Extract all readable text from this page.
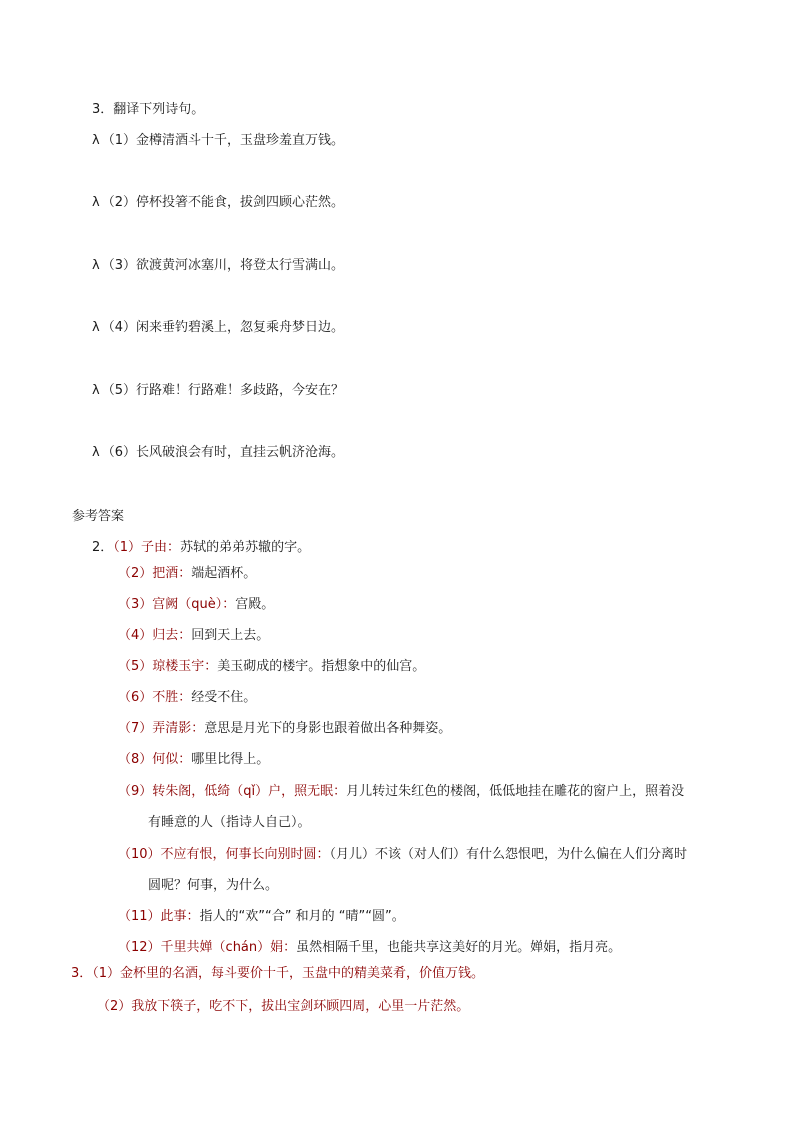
3．翻译下列诗句。
λ （1）金樽清酒斗十千，玉盘珍羞直万钱。
λ （2）停杯投箸不能食，拔剑四顾心茫然。
λ （3）欲渡黄河冰塞川，将登太行雪满山。
λ （4）闲来垂钓碧溪上，忽复乘舟梦日边。
λ （5）行路难！行路难！多歧路，今安在？
λ （6）长风破浪会有时，直挂云帆济沧海。
参考答案
2．（1）子由：苏轼的弟弟苏辙的字。
（2）把酒：端起酒杯。
（3）宫阙（què）：宫殿。
（4）归去：回到天上去。
（5）琼楼玉宇：美玉砌成的楼宇。指想象中的仙宫。
（6）不胜：经受不住。
（7）弄清影：意思是月光下的身影也跟着做出各种舞姿。
（8）何似：哪里比得上。
（9）转朱阁，低绮（qǐ）户，照无眠：月儿转过朱红色的楼阁，低低地挂在雕花的窗户上，照着没
有睡意的人（指诗人自己）。
（10）不应有恨，何事长向别时圆：（月儿）不该（对人们）有什么怨恨吧，为什么偏在人们分离时
圆呢？何事，为什么。
（11）此事：指人的“欢”“合” 和月的 “晴”“圆”。
（12）千里共婵（chán）娟：虽然相隔千里，也能共享这美好的月光。婵娟，指月亮。
3．（1）金杯里的名酒，每斗要价十千，玉盘中的精美菜肴，价值万钱。
（2）我放下筷子，吃不下，拔出宝剑环顾四周，心里一片茫然。
